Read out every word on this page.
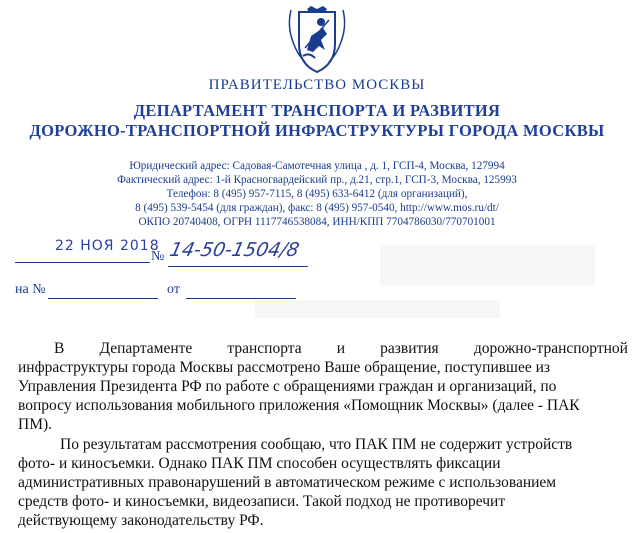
ПРАВИТЕЛЬСТВО МОСКВЫ
ДЕПАРТАМЕНТ ТРАНСПОРТА И РАЗВИТИЯ
ДОРОЖНО-ТРАНСПОРТНОЙ ИНФРАСТРУКТУРЫ ГОРОДА МОСКВЫ
Юридический адрес: Садовая-Самотечная улица , д. 1, ГСП-4, Москва, 127994
Фактический адрес: 1-й Красногвардейский пр., д.21, стр.1, ГСП-3, Москва, 125993
Телефон: 8 (495) 957-7115, 8 (495) 633-6412 (для организаций),
8 (495) 539-5454 (для граждан), факс: 8 (495) 957-0540, http://www.mos.ru/dt/
ОКПО 20740408, ОГРН 1117746538084, ИНН/КПП 7704786030/770701001
22 НОЯ 2018
№ 14-50-1504/8
на №	от
В Департаменте транспорта и развития дорожно-транспортной
инфраструктуры города Москвы рассмотрено Ваше обращение, поступившее из
Управления Президента РФ по работе с обращениями граждан и организаций, по
вопросу использования мобильного приложения «Помощник Москвы» (далее - ПАК
ПМ).
По результатам рассмотрения сообщаю, что ПАК ПМ не содержит устройств
фото- и киносъемки. Однако ПАК ПМ способен осуществлять фиксации
административных правонарушений в автоматическом режиме с использованием
средств фото- и киносъемки, видеозаписи. Такой подход не противоречит
действующему законодательству РФ.
